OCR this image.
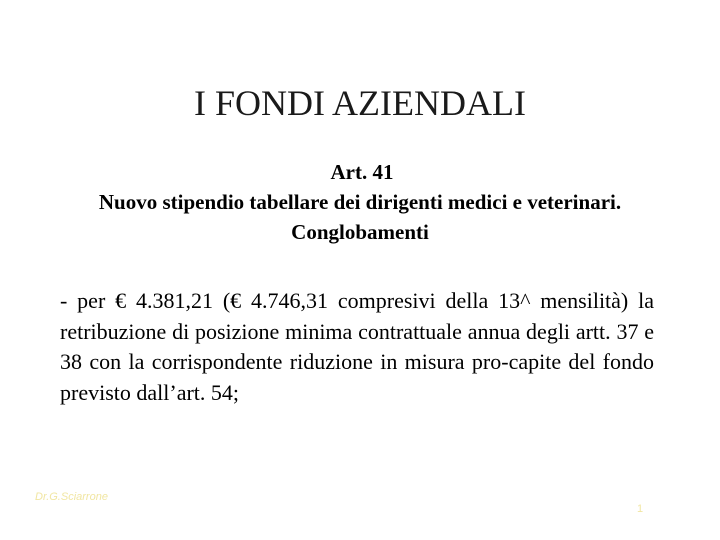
I FONDI AZIENDALI
Art. 41
Nuovo stipendio tabellare dei dirigenti medici e veterinari. Conglobamenti

- per € 4.381,21 (€ 4.746,31 compresivi della 13^ mensilità) la retribuzione di posizione minima contrattuale annua degli artt. 37 e 38 con la corrispondente riduzione in misura pro-capite del fondo previsto dall’art. 54;

Dr.G.Sciarrone
1
